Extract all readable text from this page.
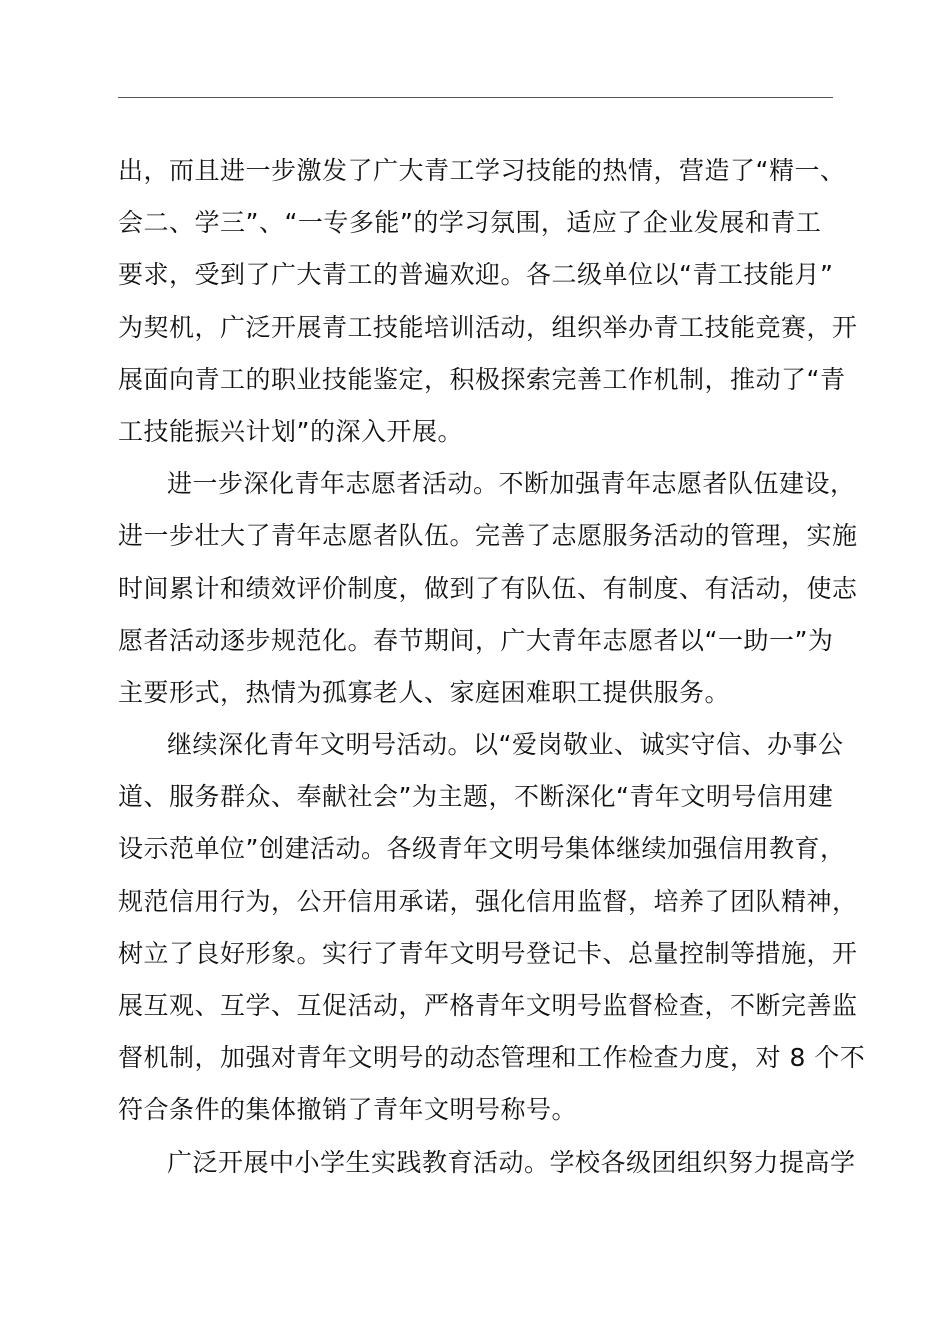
出，而且进一步激发了广大青工学习技能的热情，营造了“精一、
会二、学三”、“一专多能”的学习氛围，适应了企业发展和青工
要求，受到了广大青工的普遍欢迎。各二级单位以“青工技能月”
为契机，广泛开展青工技能培训活动，组织举办青工技能竞赛，开
展面向青工的职业技能鉴定，积极探索完善工作机制，推动了“青
工技能振兴计划”的深入开展。
进一步深化青年志愿者活动。不断加强青年志愿者队伍建设，
进一步壮大了青年志愿者队伍。完善了志愿服务活动的管理，实施
时间累计和绩效评价制度，做到了有队伍、有制度、有活动，使志
愿者活动逐步规范化。春节期间，广大青年志愿者以“一助一”为
主要形式，热情为孤寡老人、家庭困难职工提供服务。
继续深化青年文明号活动。以“爱岗敬业、诚实守信、办事公
道、服务群众、奉献社会”为主题，不断深化“青年文明号信用建
设示范单位”创建活动。各级青年文明号集体继续加强信用教育，
规范信用行为，公开信用承诺，强化信用监督，培养了团队精神，
树立了良好形象。实行了青年文明号登记卡、总量控制等措施，开
展互观、互学、互促活动，严格青年文明号监督检查，不断完善监
督机制，加强对青年文明号的动态管理和工作检查力度，对 8 个不
符合条件的集体撤销了青年文明号称号。
广泛开展中小学生实践教育活动。学校各级团组织努力提高学
